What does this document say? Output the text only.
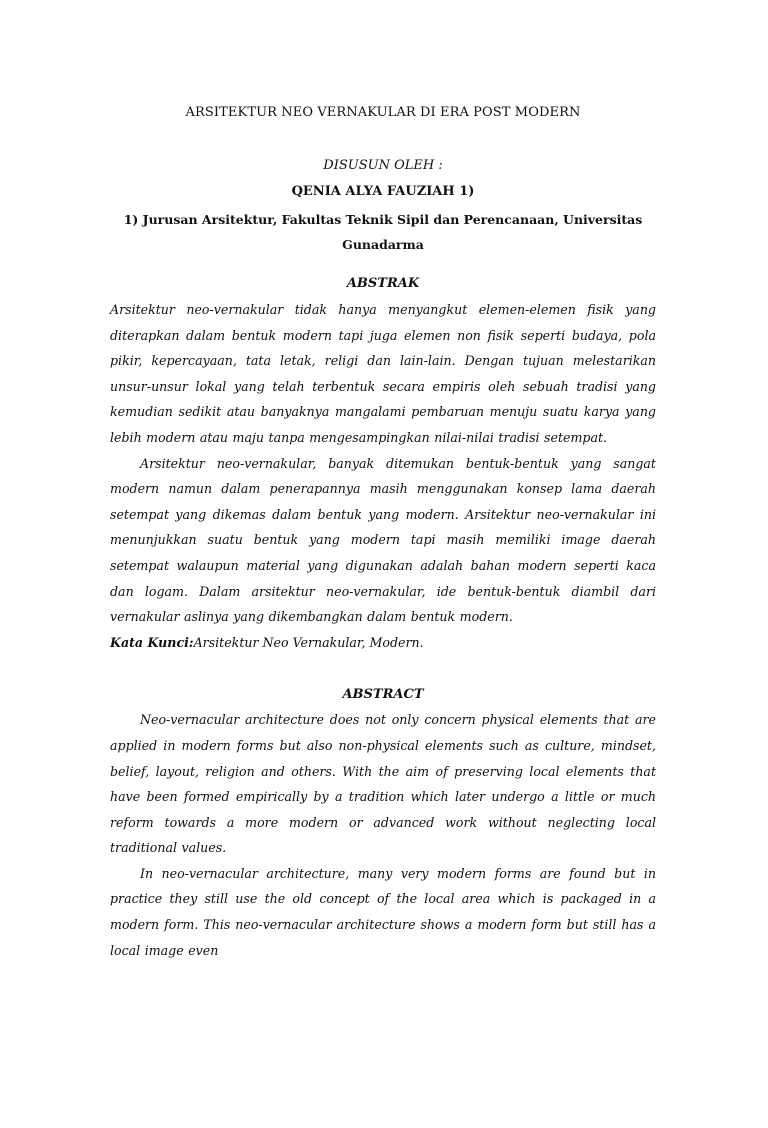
ARSITEKTUR NEO VERNAKULAR DI ERA POST MODERN
DISUSUN OLEH :
QENIA ALYA FAUZIAH 1)
1) Jurusan Arsitektur, Fakultas Teknik Sipil dan Perencanaan, Universitas Gunadarma
ABSTRAK

Arsitektur neo-vernakular tidak hanya menyangkut elemen-elemen fisik yang diterapkan dalam bentuk modern tapi juga elemen non fisik seperti budaya, pola pikir, kepercayaan, tata letak, religi dan lain-lain. Dengan tujuan melestarikan unsur-unsur lokal yang telah terbentuk secara empiris oleh sebuah tradisi yang kemudian sedikit atau banyaknya mangalami pembaruan menuju suatu karya yang lebih modern atau maju tanpa mengesampingkan nilai-nilai tradisi setempat.

Arsitektur neo-vernakular, banyak ditemukan bentuk-bentuk yang sangat modern namun dalam penerapannya masih menggunakan konsep lama daerah setempat yang dikemas dalam bentuk yang modern. Arsitektur neo-vernakular ini menunjukkan suatu bentuk yang modern tapi masih memiliki image daerah setempat walaupun material yang digunakan adalah bahan modern seperti kaca dan logam. Dalam arsitektur neo-vernakular, ide bentuk-bentuk diambil dari vernakular aslinya yang dikembangkan dalam bentuk modern.

Kata Kunci:Arsitektur Neo Vernakular, Modern.

ABSTRACT

Neo-vernacular architecture does not only concern physical elements that are applied in modern forms but also non-physical elements such as culture, mindset, belief, layout, religion and others. With the aim of preserving local elements that have been formed empirically by a tradition which later undergo a little or much reform towards a more modern or advanced work without neglecting local traditional values.

In neo-vernacular architecture, many very modern forms are found but in practice they still use the old concept of the local area which is packaged in a modern form. This neo-vernacular architecture shows a modern form but still has a local image even
